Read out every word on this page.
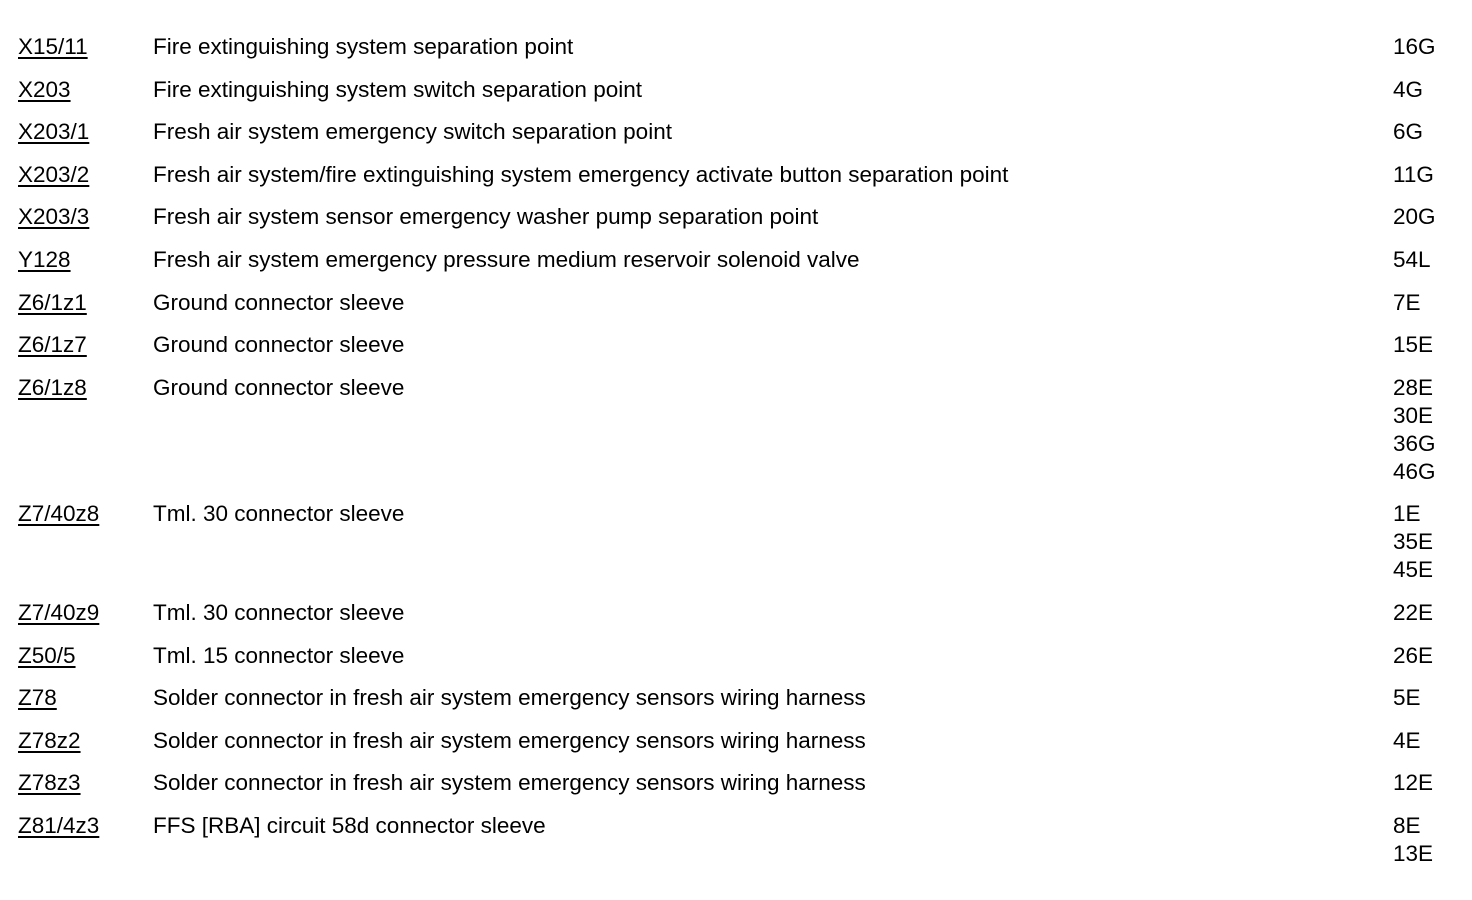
X15/11	Fire extinguishing system separation point	16G
X203	Fire extinguishing system switch separation point	4G
X203/1	Fresh air system emergency switch separation point	6G
X203/2	Fresh air system/fire extinguishing system emergency activate button separation point	11G
X203/3	Fresh air system sensor emergency washer pump separation point	20G
Y128	Fresh air system emergency pressure medium reservoir solenoid valve	54L
Z6/1z1	Ground connector sleeve	7E
Z6/1z7	Ground connector sleeve	15E
Z6/1z8	Ground connector sleeve	28E
30E
36G
46G
Z7/40z8	Tml. 30 connector sleeve	1E
35E
45E
Z7/40z9	Tml. 30 connector sleeve	22E
Z50/5	Tml. 15 connector sleeve	26E
Z78	Solder connector in fresh air system emergency sensors wiring harness	5E
Z78z2	Solder connector in fresh air system emergency sensors wiring harness	4E
Z78z3	Solder connector in fresh air system emergency sensors wiring harness	12E
Z81/4z3	FFS [RBA] circuit 58d connector sleeve	8E
13E
